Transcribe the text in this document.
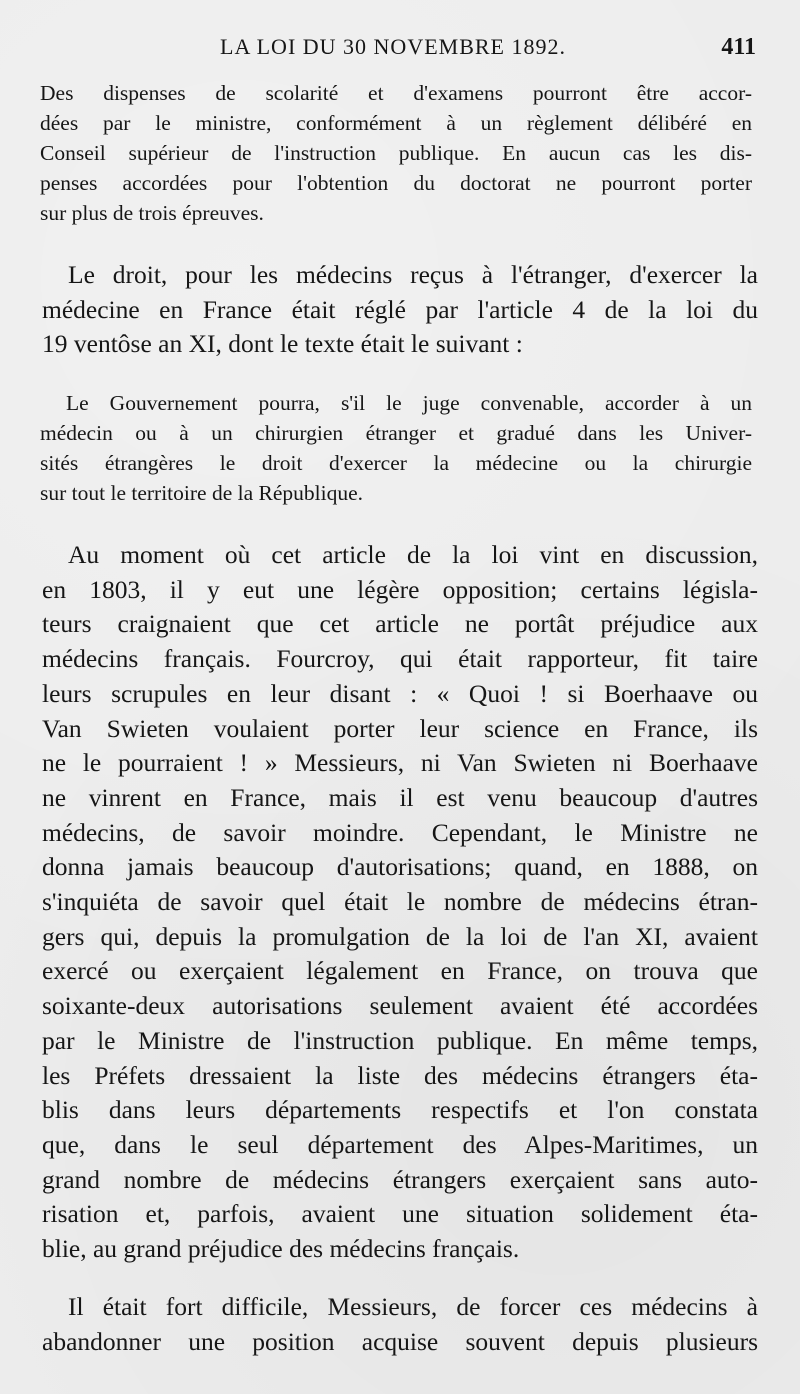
LA LOI DU 30 NOVEMBRE 1892.	411
Des dispenses de scolarité et d'examens pourront être accor-
dées par le ministre, conformément à un règlement délibéré en
Conseil supérieur de l'instruction publique. En aucun cas les dis-
penses accordées pour l'obtention du doctorat ne pourront porter
sur plus de trois épreuves.
Le droit, pour les médecins reçus à l'étranger, d'exercer la
médecine en France était réglé par l'article 4 de la loi du
19 ventôse an XI, dont le texte était le suivant :
Le Gouvernement pourra, s'il le juge convenable, accorder à un
médecin ou à un chirurgien étranger et gradué dans les Univer-
sités étrangères le droit d'exercer la médecine ou la chirurgie
sur tout le territoire de la République.
Au moment où cet article de la loi vint en discussion,
en 1803, il y eut une légère opposition; certains législa-
teurs craignaient que cet article ne portât préjudice aux
médecins français. Fourcroy, qui était rapporteur, fit taire
leurs scrupules en leur disant : « Quoi ! si Boerhaave ou
Van Swieten voulaient porter leur science en France, ils
ne le pourraient ! » Messieurs, ni Van Swieten ni Boerhaave
ne vinrent en France, mais il est venu beaucoup d'autres
médecins, de savoir moindre. Cependant, le Ministre ne
donna jamais beaucoup d'autorisations; quand, en 1888, on
s'inquiéta de savoir quel était le nombre de médecins étran-
gers qui, depuis la promulgation de la loi de l'an XI, avaient
exercé ou exerçaient légalement en France, on trouva que
soixante-deux autorisations seulement avaient été accordées
par le Ministre de l'instruction publique. En même temps,
les Préfets dressaient la liste des médecins étrangers éta-
blis dans leurs départements respectifs et l'on constata
que, dans le seul département des Alpes-Maritimes, un
grand nombre de médecins étrangers exerçaient sans auto-
risation et, parfois, avaient une situation solidement éta-
blie, au grand préjudice des médecins français.
Il était fort difficile, Messieurs, de forcer ces médecins à
abandonner une position acquise souvent depuis plusieurs
